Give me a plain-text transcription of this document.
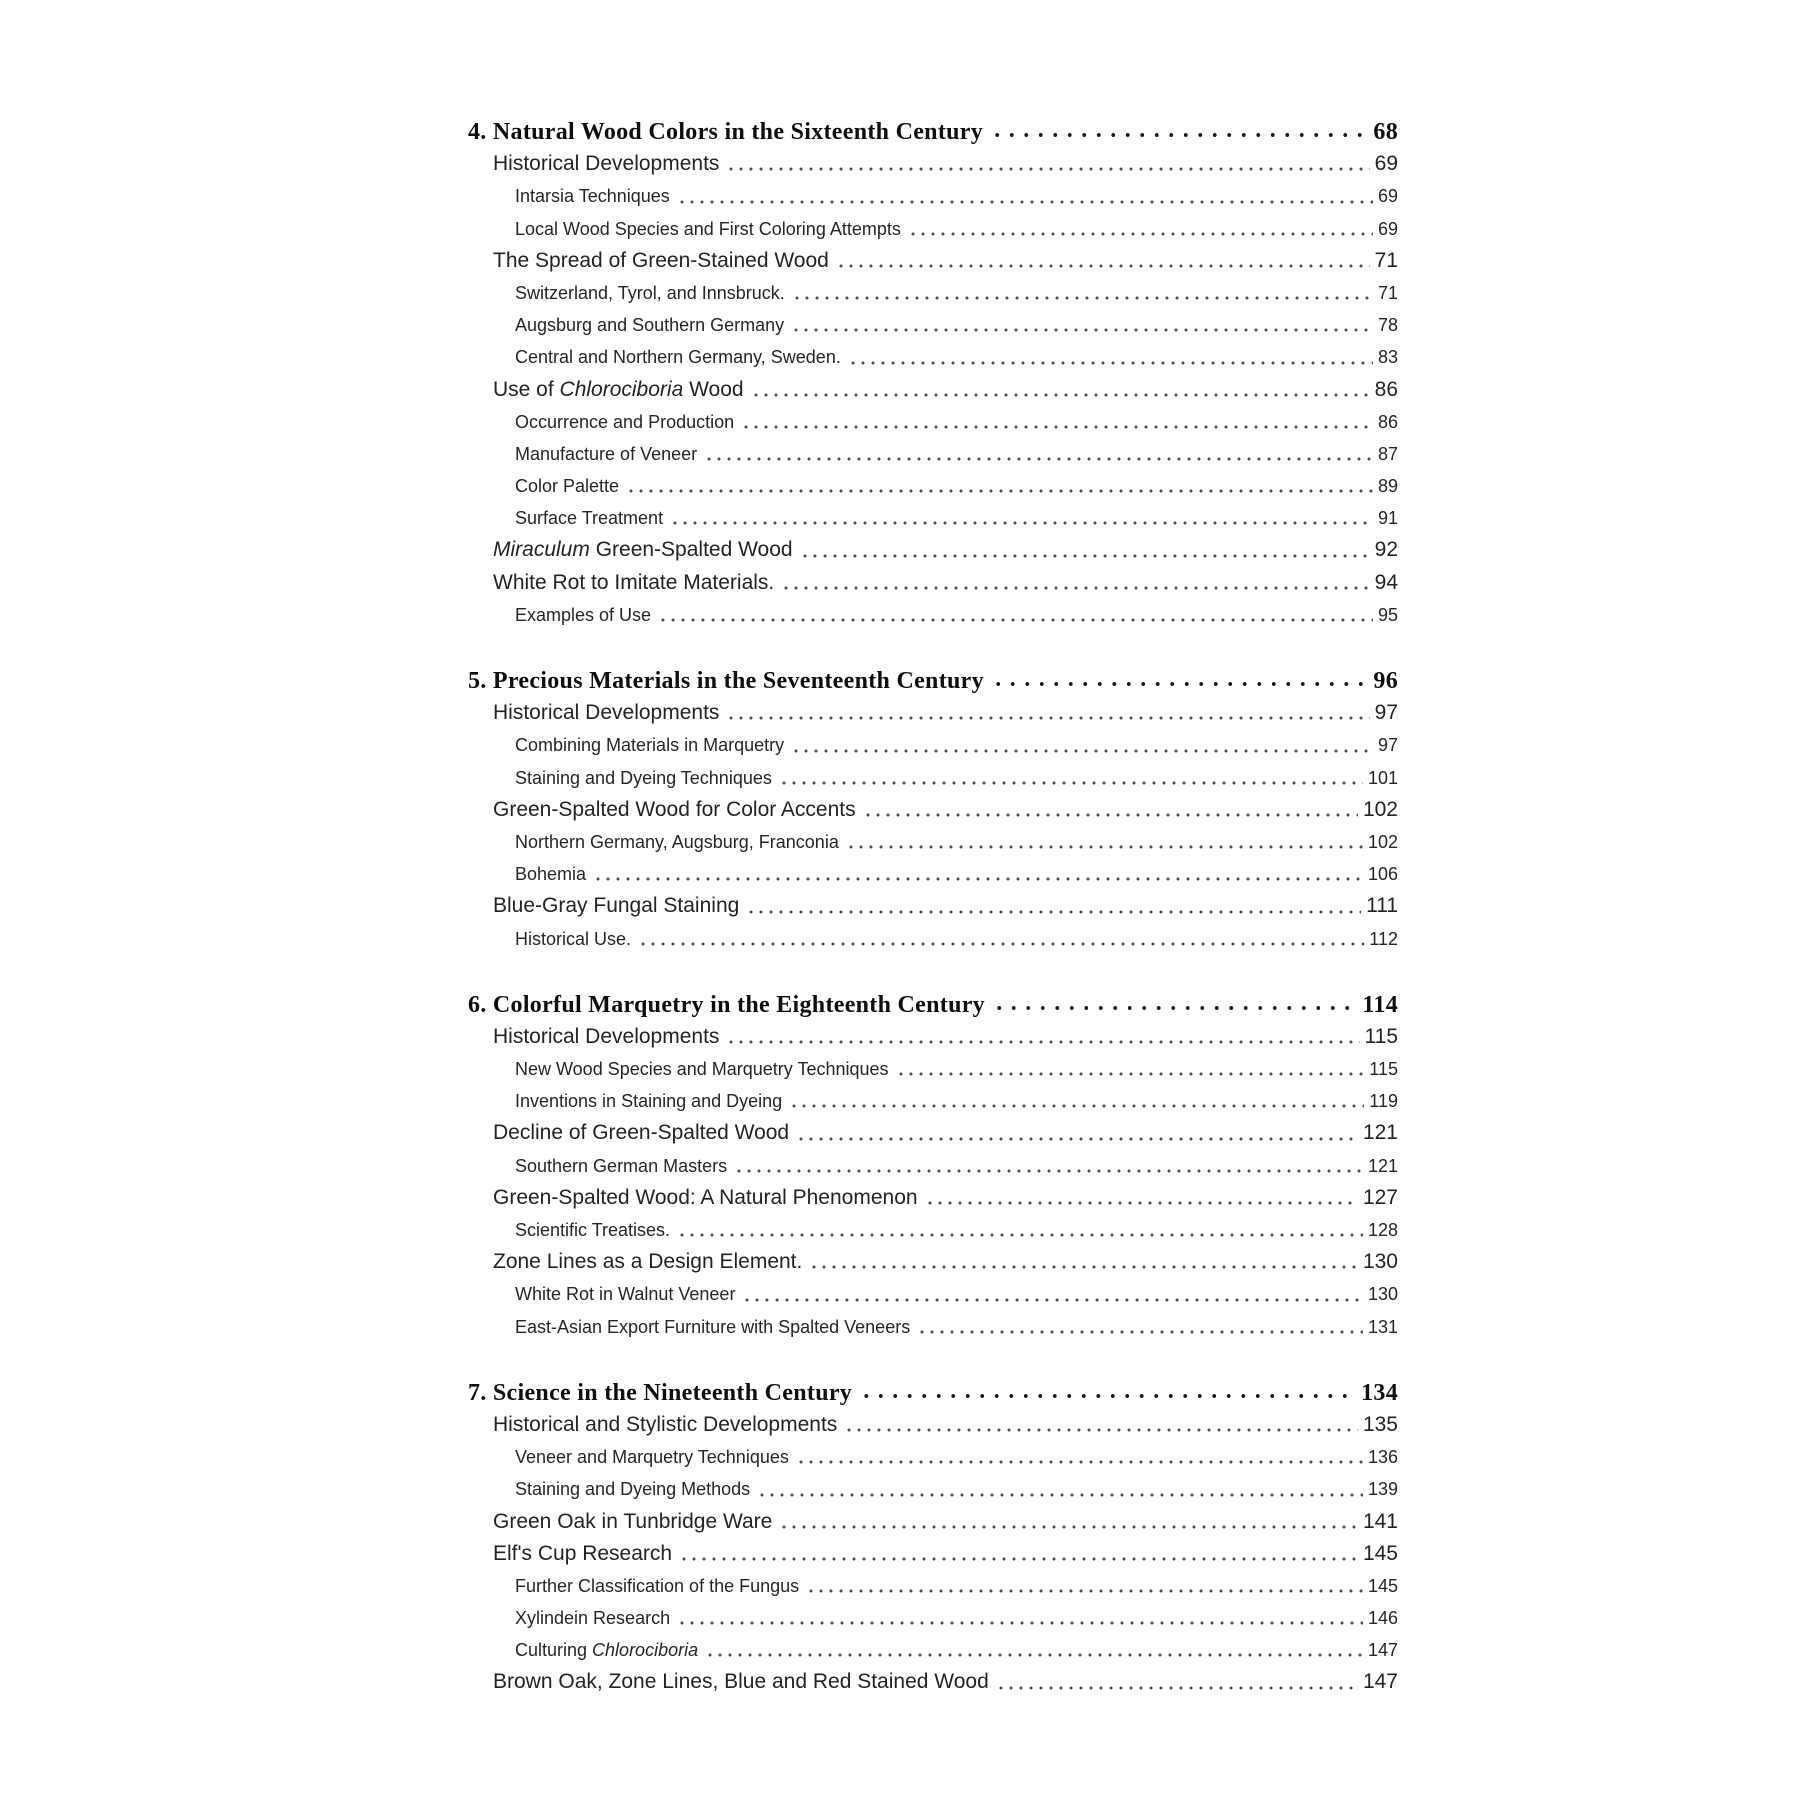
4. Natural Wood Colors in the Sixteenth Century	68
Historical Developments	69
Intarsia Techniques	69
Local Wood Species and First Coloring Attempts	69
The Spread of Green-Stained Wood	71
Switzerland, Tyrol, and Innsbruck.	71
Augsburg and Southern Germany	78
Central and Northern Germany, Sweden.	83
Use of Chlorociboria Wood	86
Occurrence and Production	86
Manufacture of Veneer	87
Color Palette	89
Surface Treatment	91
Miraculum Green-Spalted Wood	92
White Rot to Imitate Materials.	94
Examples of Use	95
5. Precious Materials in the Seventeenth Century	96
Historical Developments	97
Combining Materials in Marquetry	97
Staining and Dyeing Techniques	101
Green-Spalted Wood for Color Accents	102
Northern Germany, Augsburg, Franconia	102
Bohemia	106
Blue-Gray Fungal Staining	111
Historical Use.	112
6. Colorful Marquetry in the Eighteenth Century	114
Historical Developments	115
New Wood Species and Marquetry Techniques	115
Inventions in Staining and Dyeing	119
Decline of Green-Spalted Wood	121
Southern German Masters	121
Green-Spalted Wood: A Natural Phenomenon	127
Scientific Treatises.	128
Zone Lines as a Design Element.	130
White Rot in Walnut Veneer	130
East-Asian Export Furniture with Spalted Veneers	131
7. Science in the Nineteenth Century	134
Historical and Stylistic Developments	135
Veneer and Marquetry Techniques	136
Staining and Dyeing Methods	139
Green Oak in Tunbridge Ware	141
Elf's Cup Research	145
Further Classification of the Fungus	145
Xylindein Research	146
Culturing Chlorociboria	147
Brown Oak, Zone Lines, Blue and Red Stained Wood	147
